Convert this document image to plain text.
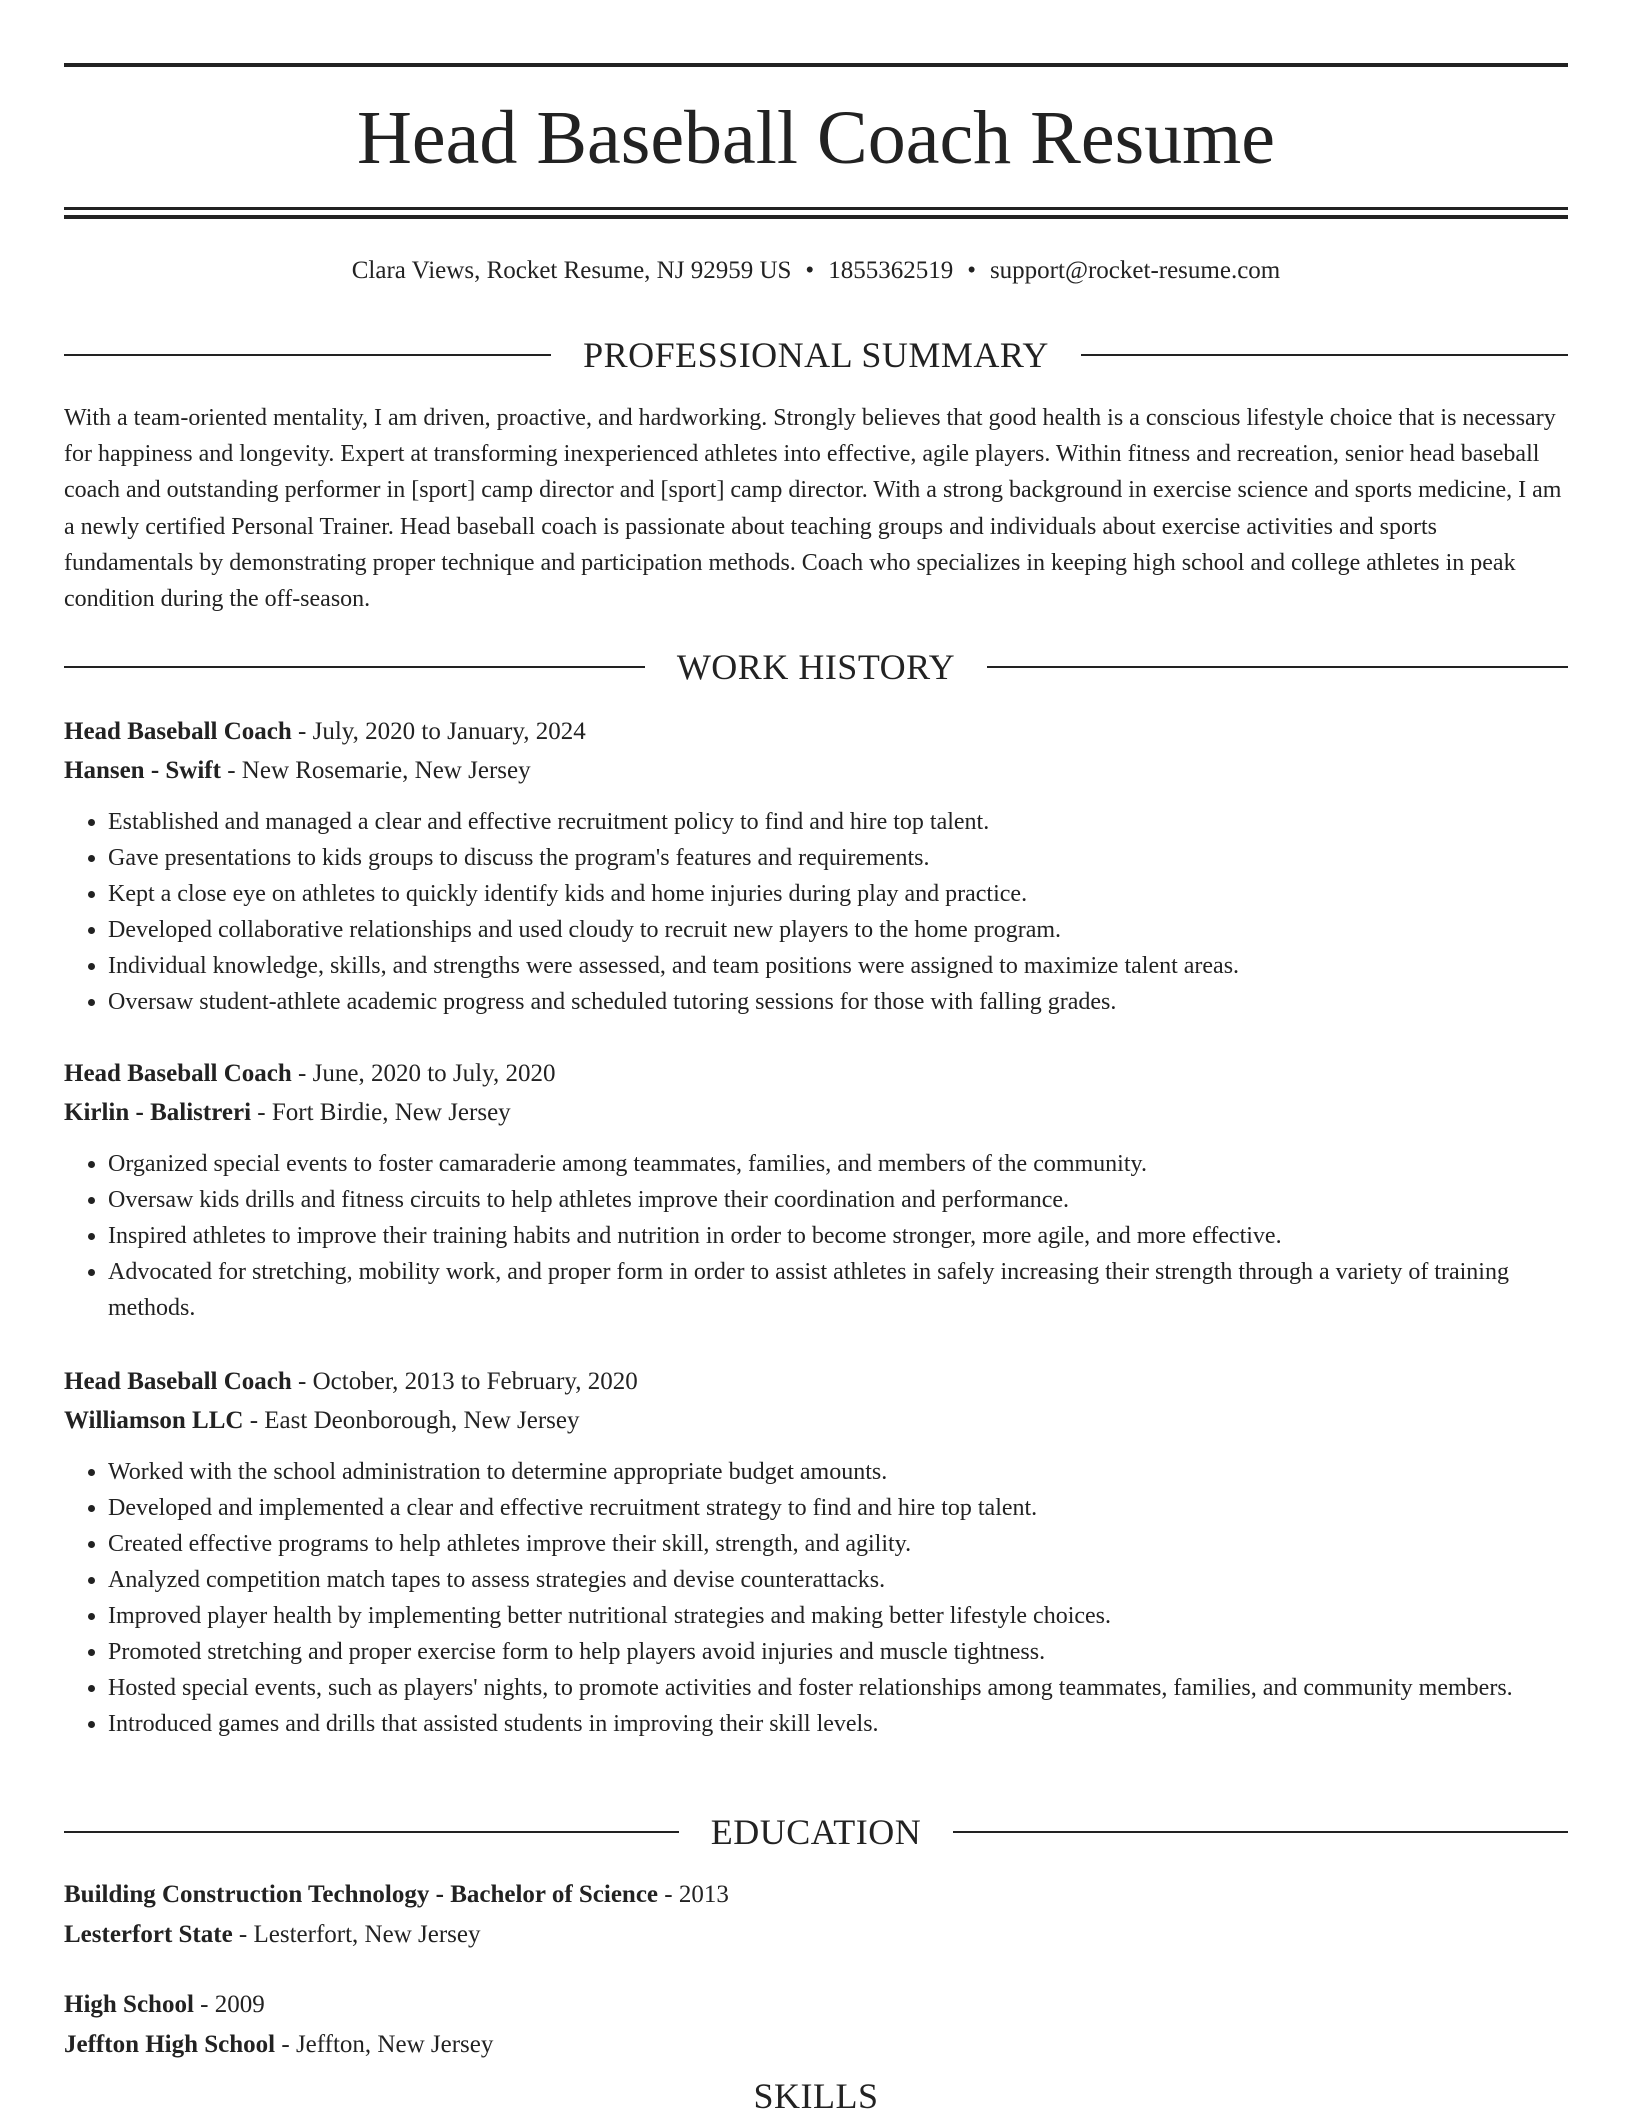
Head Baseball Coach Resume
Clara Views, Rocket Resume, NJ 92959 US • 1855362519 • support@rocket-resume.com
PROFESSIONAL SUMMARY

With a team-oriented mentality, I am driven, proactive, and hardworking. Strongly believes that good health is a conscious lifestyle choice that is necessary for happiness and longevity. Expert at transforming inexperienced athletes into effective, agile players. Within fitness and recreation, senior head baseball coach and outstanding performer in [sport] camp director and [sport] camp director. With a strong background in exercise science and sports medicine, I am a newly certified Personal Trainer. Head baseball coach is passionate about teaching groups and individuals about exercise activities and sports fundamentals by demonstrating proper technique and participation methods. Coach who specializes in keeping high school and college athletes in peak condition during the off-season.

WORK HISTORY

Head Baseball Coach - July, 2020 to January, 2024

Hansen - Swift - New Rosemarie, New Jersey

• Established and managed a clear and effective recruitment policy to find and hire top talent.
• Gave presentations to kids groups to discuss the program's features and requirements.
• Kept a close eye on athletes to quickly identify kids and home injuries during play and practice.
• Developed collaborative relationships and used cloudy to recruit new players to the home program.
• Individual knowledge, skills, and strengths were assessed, and team positions were assigned to maximize talent areas.
• Oversaw student-athlete academic progress and scheduled tutoring sessions for those with falling grades.

Head Baseball Coach - June, 2020 to July, 2020

Kirlin - Balistreri - Fort Birdie, New Jersey

• Organized special events to foster camaraderie among teammates, families, and members of the community.
• Oversaw kids drills and fitness circuits to help athletes improve their coordination and performance.
• Inspired athletes to improve their training habits and nutrition in order to become stronger, more agile, and more effective.
• Advocated for stretching, mobility work, and proper form in order to assist athletes in safely increasing their strength through a variety of training methods.

Head Baseball Coach - October, 2013 to February, 2020

Williamson LLC - East Deonborough, New Jersey

• Worked with the school administration to determine appropriate budget amounts.
• Developed and implemented a clear and effective recruitment strategy to find and hire top talent.
• Created effective programs to help athletes improve their skill, strength, and agility.
• Analyzed competition match tapes to assess strategies and devise counterattacks.
• Improved player health by implementing better nutritional strategies and making better lifestyle choices.
• Promoted stretching and proper exercise form to help players avoid injuries and muscle tightness.
• Hosted special events, such as players' nights, to promote activities and foster relationships among teammates, families, and community members.
• Introduced games and drills that assisted students in improving their skill levels.
EDUCATION

Building Construction Technology - Bachelor of Science - 2013

Lesterfort State - Lesterfort, New Jersey

High School - 2009

Jeffton High School - Jeffton, New Jersey

SKILLS
